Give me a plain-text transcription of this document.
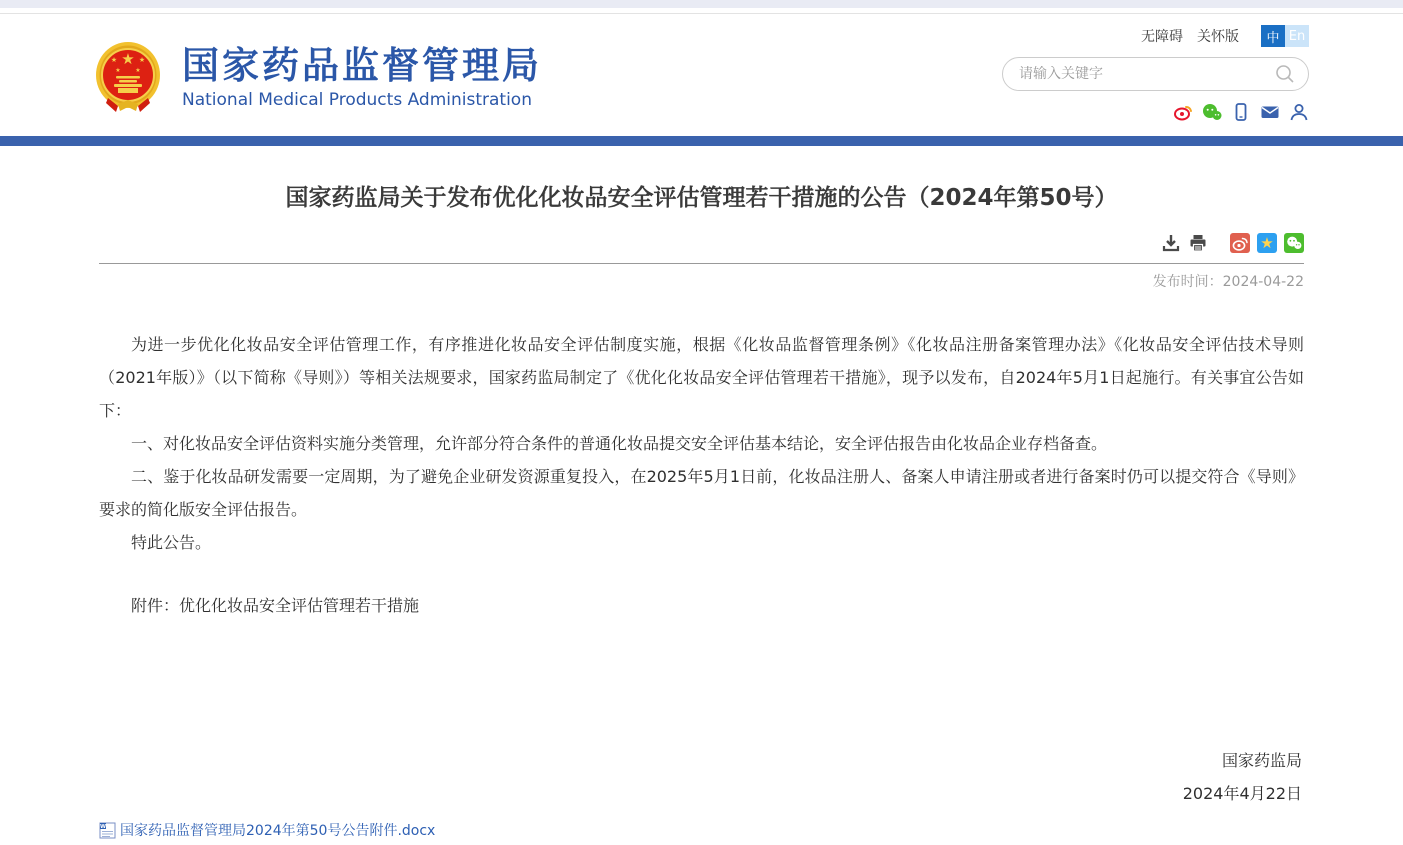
★
★	★
★ ★ 国家药品监督管理局
National Medical Products Administration
无障碍 关怀版	中 En
请输入关键字
国家药监局关于发布优化化妆品安全评估管理若干措施的公告（2024年第50号）
★
发布时间：2024-04-22

为进一步优化化妆品安全评估管理工作，有序推进化妆品安全评估制度实施，根据《化妆品监督管理条例》《化妆品注册备案管理办法》《化妆品安全评估技术导则（2021年版）》（以下简称《导则》）等相关法规要求，国家药监局制定了《优化化妆品安全评估管理若干措施》，现予以发布，自2024年5月1日起施行。有关事宜公告如下：

一、对化妆品安全评估资料实施分类管理，允许部分符合条件的普通化妆品提交安全评估基本结论，安全评估报告由化妆品企业存档备查。

二、鉴于化妆品研发需要一定周期，为了避免企业研发资源重复投入，在2025年5月1日前，化妆品注册人、备案人申请注册或者进行备案时仍可以提交符合《导则》要求的简化版安全评估报告。

特此公告。

附件：优化化妆品安全评估管理若干措施

国家药监局
2024年4月22日
W 国家药品监督管理局2024年第50号公告附件.docx
